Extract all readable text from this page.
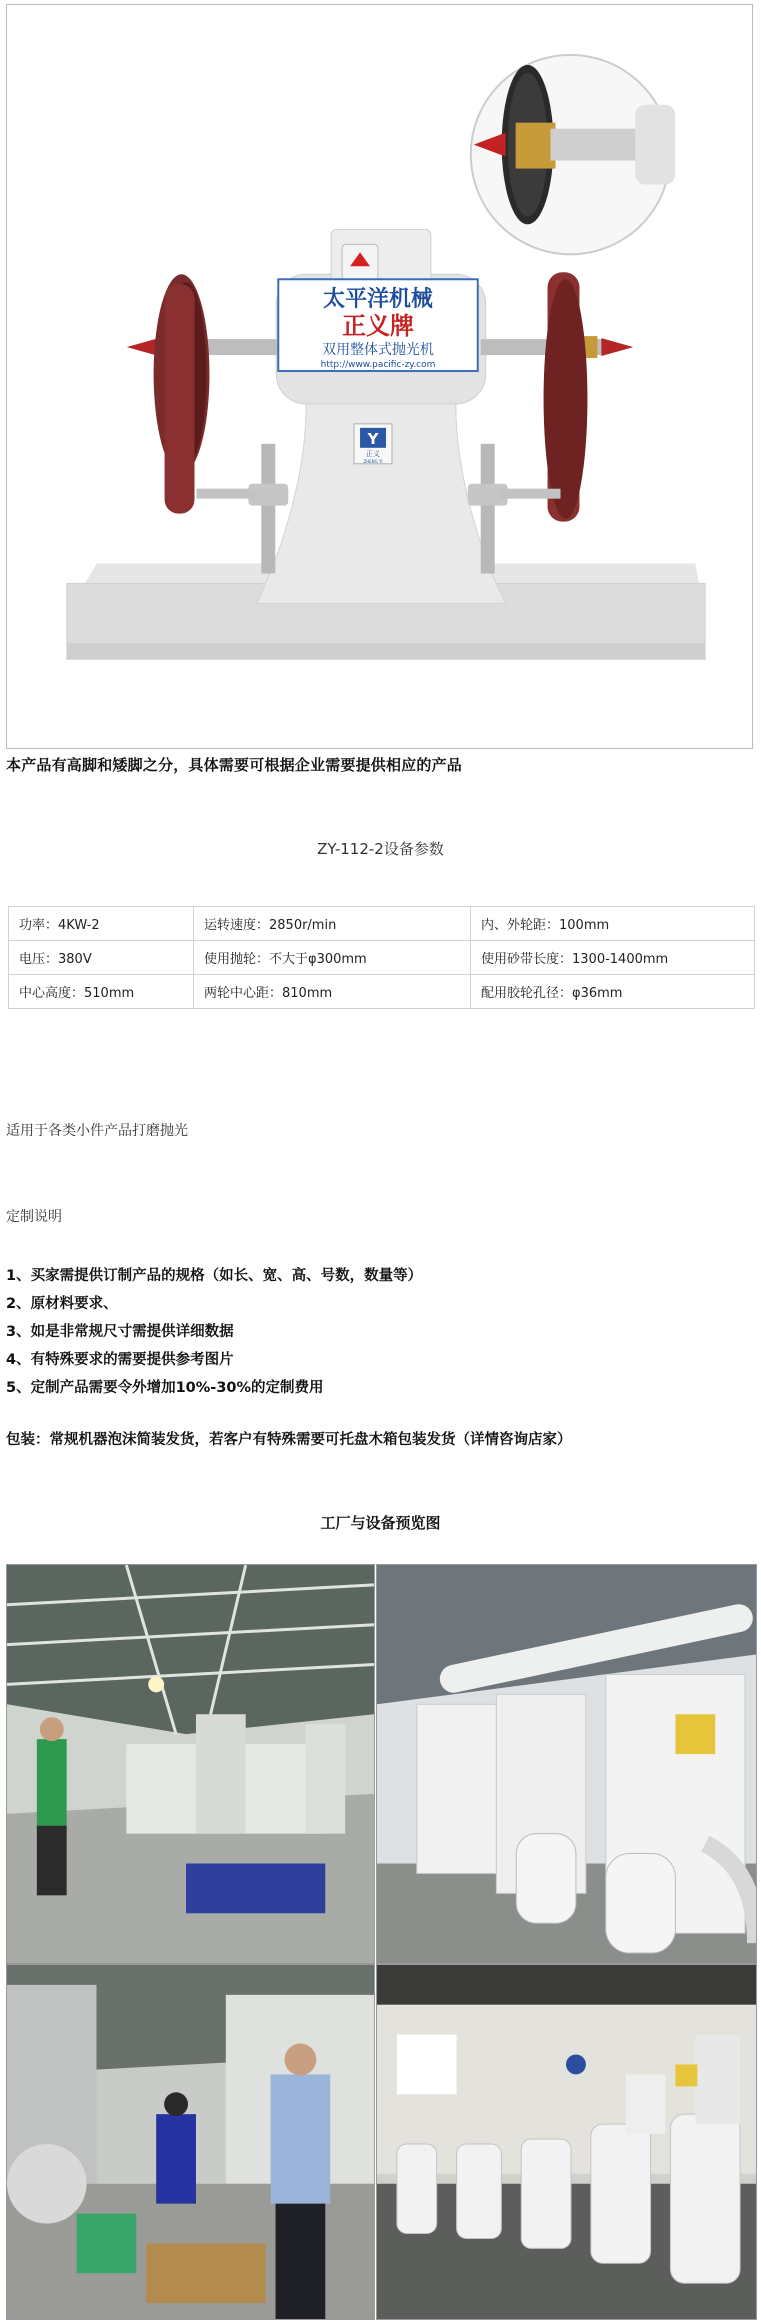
太平洋机械
正义牌
双用整体式抛光机
http://www.pacific-zy.com
Y
正义
ZHENG YI
本产品有高脚和矮脚之分，具体需要可根据企业需要提供相应的产品
ZY-112-2设备参数
功率：4KW-2	运转速度：2850r/min	内、外轮距：100mm
电压：380V	使用抛轮：不大于φ300mm	使用砂带长度：1300-1400mm
中心高度：510mm	两轮中心距：810mm	配用胶轮孔径：φ36mm
适用于各类小件产品打磨抛光
定制说明
1、买家需提供订制产品的规格（如长、宽、高、号数，数量等）
2、原材料要求、
3、如是非常规尺寸需提供详细数据
4、有特殊要求的需要提供参考图片
5、定制产品需要令外增加10%-30%的定制费用
包装：常规机器泡沫简装发货，若客户有特殊需要可托盘木箱包装发货（详情咨询店家）
工厂与设备预览图
